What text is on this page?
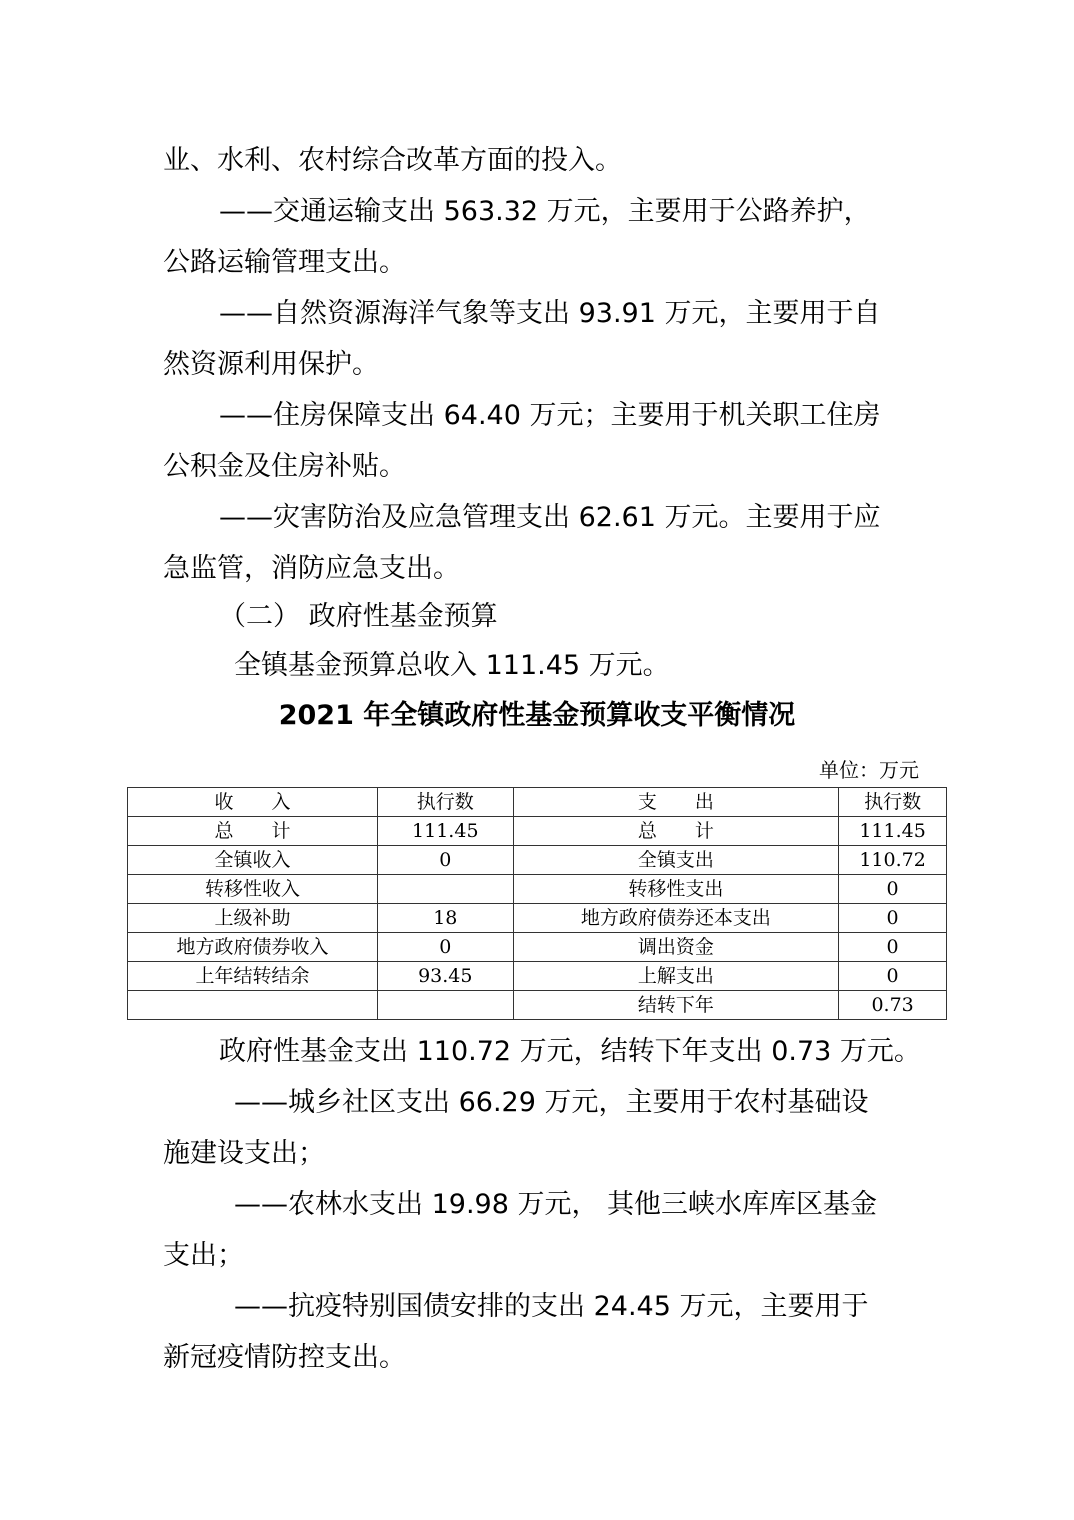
业、水利、农村综合改革方面的投入。
——交通运输支出 563.32 万元，主要用于公路养护，
公路运输管理支出。
——自然资源海洋气象等支出 93.91 万元，主要用于自
然资源利用保护。
——住房保障支出 64.40 万元；主要用于机关职工住房
公积金及住房补贴。
——灾害防治及应急管理支出 62.61 万元。主要用于应
急监管，消防应急支出。
（二） 政府性基金预算
全镇基金预算总收入 111.45 万元。
2021 年全镇政府性基金预算收支平衡情况
单位：万元
收　　入	执行数	支　　出	执行数
总　　计	111.45	总　　计	111.45
全镇收入	0	全镇支出	110.72
转移性收入		转移性支出	0
上级补助	18	地方政府债券还本支出	0
地方政府债券收入	0	调出资金	0
上年结转结余	93.45	上解支出	0
		结转下年	0.73
政府性基金支出 110.72 万元，结转下年支出 0.73 万元。
——城乡社区支出 66.29 万元，主要用于农村基础设
施建设支出；
——农林水支出 19.98 万元， 其他三峡水库库区基金
支出；
——抗疫特别国债安排的支出 24.45 万元，主要用于
新冠疫情防控支出。
